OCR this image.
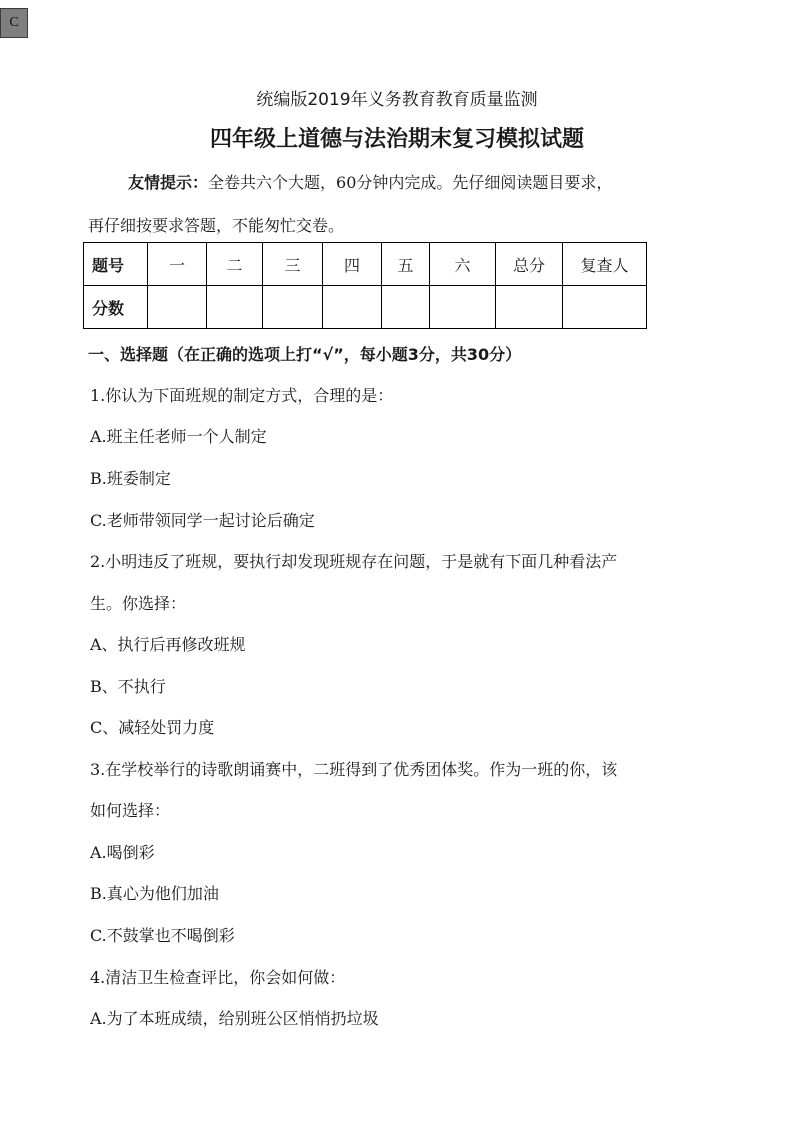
C
统编版2019年义务教育教育质量监测
四年级上道德与法治期末复习模拟试题
友情提示：全卷共六个大题，60分钟内完成。先仔细阅读题目要求，
再仔细按要求答题，不能匆忙交卷。
题号	一	二	三	四	五	六	总分	复查人
分数								
一、选择题（在正确的选项上打“√”，每小题3分，共30分）
1.你认为下面班规的制定方式，合理的是：
A.班主任老师一个人制定
B.班委制定
C.老师带领同学一起讨论后确定
2.小明违反了班规，要执行却发现班规存在问题，于是就有下面几种看法产
生。你选择：
A、执行后再修改班规
B、不执行
C、减轻处罚力度
3.在学校举行的诗歌朗诵赛中，二班得到了优秀团体奖。作为一班的你，该
如何选择：
A.喝倒彩
B.真心为他们加油
C.不鼓掌也不喝倒彩
4.清洁卫生检查评比，你会如何做：
A.为了本班成绩，给别班公区悄悄扔垃圾
